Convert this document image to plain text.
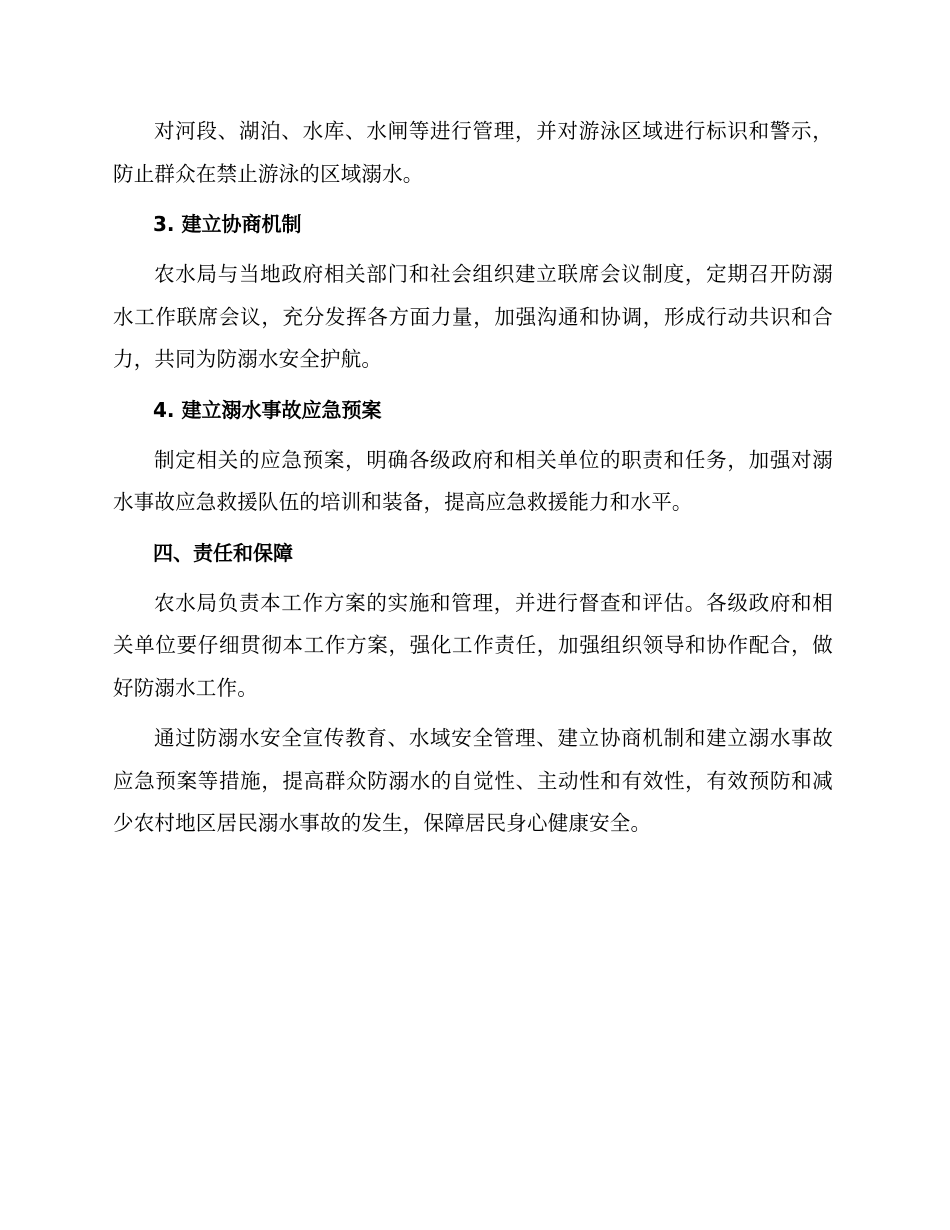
对河段、湖泊、水库、水闸等进行管理，并对游泳区域进行标识和警示，防止群众在禁止游泳的区域溺水。

3. 建立协商机制

农水局与当地政府相关部门和社会组织建立联席会议制度，定期召开防溺水工作联席会议，充分发挥各方面力量，加强沟通和协调，形成行动共识和合力，共同为防溺水安全护航。

4. 建立溺水事故应急预案

制定相关的应急预案，明确各级政府和相关单位的职责和任务，加强对溺水事故应急救援队伍的培训和装备，提高应急救援能力和水平。

四、责任和保障

农水局负责本工作方案的实施和管理，并进行督查和评估。各级政府和相关单位要仔细贯彻本工作方案，强化工作责任，加强组织领导和协作配合，做好防溺水工作。

通过防溺水安全宣传教育、水域安全管理、建立协商机制和建立溺水事故应急预案等措施，提高群众防溺水的自觉性、主动性和有效性，有效预防和减少农村地区居民溺水事故的发生，保障居民身心健康安全。
